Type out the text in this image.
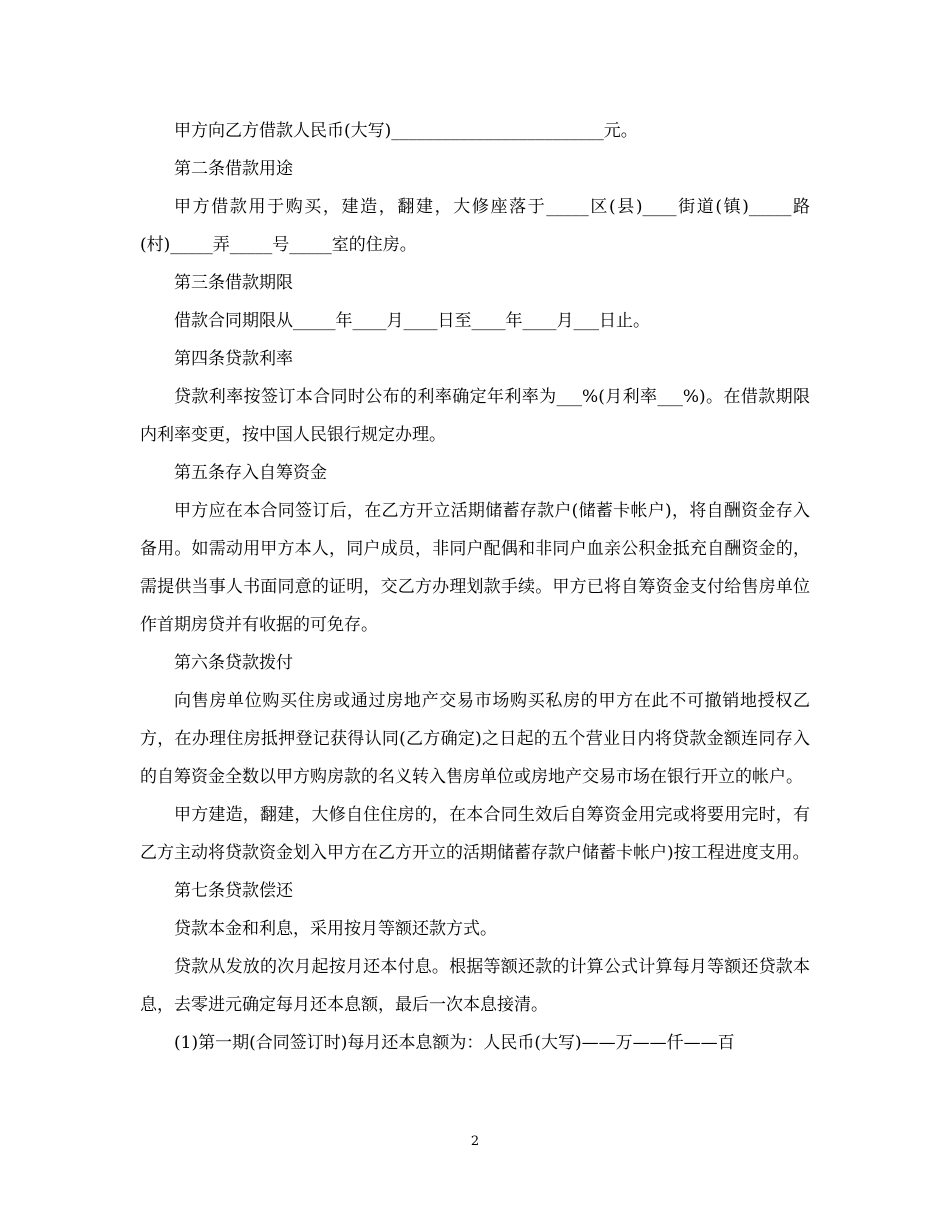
甲方向乙方借款人民币(大写)_________________________元。

第二条借款用途

甲方借款用于购买，建造，翻建，大修座落于_____区(县)____街道(镇)_____路(村)_____弄_____号_____室的住房。

第三条借款期限

借款合同期限从_____年____月____日至____年____月___日止。

第四条贷款利率

贷款利率按签订本合同时公布的利率确定年利率为___%(月利率___%)。在借款期限内利率变更，按中国人民银行规定办理。

第五条存入自筹资金

甲方应在本合同签订后，在乙方开立活期储蓄存款户(储蓄卡帐户)，将自酬资金存入备用。如需动用甲方本人，同户成员，非同户配偶和非同户血亲公积金抵充自酬资金的，需提供当事人书面同意的证明，交乙方办理划款手续。甲方已将自筹资金支付给售房单位作首期房贷并有收据的可免存。

第六条贷款拨付

向售房单位购买住房或通过房地产交易市场购买私房的甲方在此不可撤销地授权乙方，在办理住房抵押登记获得认同(乙方确定)之日起的五个营业日内将贷款金额连同存入的自筹资金全数以甲方购房款的名义转入售房单位或房地产交易市场在银行开立的帐户。

甲方建造，翻建，大修自住住房的，在本合同生效后自筹资金用完或将要用完时，有乙方主动将贷款资金划入甲方在乙方开立的活期储蓄存款户储蓄卡帐户)按工程进度支用。

第七条贷款偿还

贷款本金和利息，采用按月等额还款方式。

贷款从发放的次月起按月还本付息。根据等额还款的计算公式计算每月等额还贷款本息，去零进元确定每月还本息额，最后一次本息接清。

(1)第一期(合同签订时)每月还本息额为：人民币(大写)——万——仟——百

2
